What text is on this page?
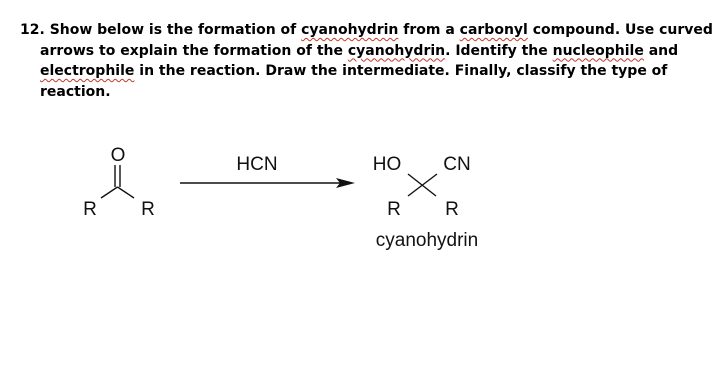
12. Show below is the formation of cyanohydrin from a carbonyl compound. Use curved
arrows to explain the formation of the cyanohydrin. Identify the nucleophile and
electrophile in the reaction. Draw the intermediate. Finally, classify the type of
reaction.
O
R R
HCN	HO CN
R R
cyanohydrin
